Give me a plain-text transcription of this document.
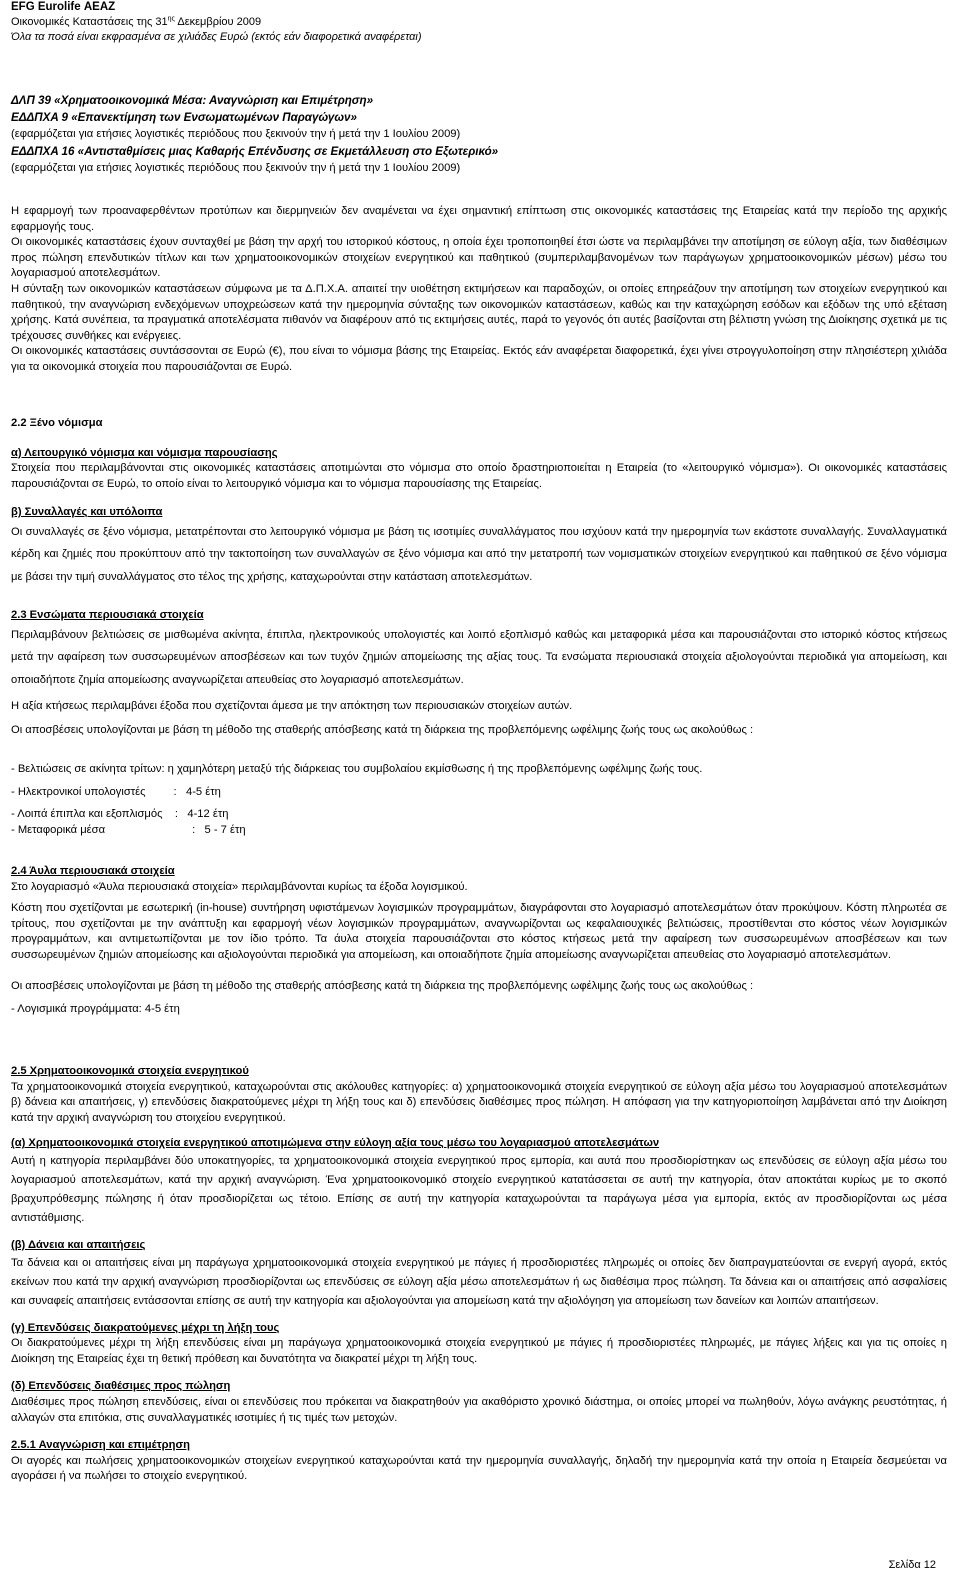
EFG Eurolife ΑΕΑΖ
Οικονομικές Καταστάσεις της $31^{\eta\varsigma}$ Δεκεμβρίου 2009
Όλα τα ποσά είναι εκφρασμένα σε χιλιάδες Ευρώ (εκτός εάν διαφορετικά αναφέρεται)
ΔΛΠ 39 «Χρηματοοικονομικά Μέσα: Αναγνώριση και Επιμέτρηση»
ΕΔΔΠΧΑ 9 «Επανεκτίμηση των Ενσωματωμένων Παραγώγων»
(εφαρμόζεται για ετήσιες λογιστικές περιόδους που ξεκινούν την ή μετά την 1 Ιουλίου 2009)
ΕΔΔΠΧΑ 16 «Αντισταθμίσεις μιας Καθαρής Επένδυσης σε Εκμετάλλευση στο Εξωτερικό»
(εφαρμόζεται για ετήσιες λογιστικές περιόδους που ξεκινούν την ή μετά την 1 Ιουλίου 2009)

Η εφαρμογή των προαναφερθέντων προτύπων και διερμηνειών δεν αναμένεται να έχει σημαντική επίπτωση στις οικονομικές καταστάσεις της Εταιρείας κατά την περίοδο της αρχικής εφαρμογής τους.

Οι οικονομικές καταστάσεις έχουν συνταχθεί με βάση την αρχή του ιστορικού κόστους, η οποία έχει τροποποιηθεί έτσι ώστε να περιλαμβάνει την αποτίμηση σε εύλογη αξία, των διαθέσιμων προς πώληση επενδυτικών τίτλων και των χρηματοοικονομικών στοιχείων ενεργητικού και παθητικού (συμπεριλαμβανομένων των παράγωγων χρηματοοικονομικών μέσων) μέσω του λογαριασμού αποτελεσμάτων.

Η σύνταξη των οικονομικών καταστάσεων σύμφωνα με τα Δ.Π.Χ.Α. απαιτεί την υιοθέτηση εκτιμήσεων και παραδοχών, οι οποίες επηρεάζουν την αποτίμηση των στοιχείων ενεργητικού και παθητικού, την αναγνώριση ενδεχόμενων υποχρεώσεων κατά την ημερομηνία σύνταξης των οικονομικών καταστάσεων, καθώς και την καταχώρηση εσόδων και εξόδων της υπό εξέταση χρήσης. Κατά συνέπεια, τα πραγματικά αποτελέσματα πιθανόν να διαφέρουν από τις εκτιμήσεις αυτές, παρά το γεγονός ότι αυτές βασίζονται στη βέλτιστη γνώση της Διοίκησης σχετικά με τις τρέχουσες συνθήκες και ενέργειες.

Οι οικονομικές καταστάσεις συντάσσονται σε Ευρώ (€), που είναι το νόμισμα βάσης της Εταιρείας. Εκτός εάν αναφέρεται διαφορετικά, έχει γίνει στρογγυλοποίηση στην πλησιέστερη χιλιάδα για τα οικονομικά στοιχεία που παρουσιάζονται σε Ευρώ.

2.2 Ξένο νόμισμα

α) Λειτουργικό νόμισμα και νόμισμα παρουσίασης

Στοιχεία που περιλαμβάνονται στις οικονομικές καταστάσεις αποτιμώνται στο νόμισμα στο οποίο δραστηριοποιείται η Εταιρεία (το «λειτουργικό νόμισμα»). Οι οικονομικές καταστάσεις παρουσιάζονται σε Ευρώ, το οποίο είναι το λειτουργικό νόμισμα και το νόμισμα παρουσίασης της Εταιρείας.

β) Συναλλαγές και υπόλοιπα

Οι συναλλαγές σε ξένο νόμισμα, μετατρέπονται στο λειτουργικό νόμισμα με βάση τις ισοτιμίες συναλλάγματος που ισχύουν κατά την ημερομηνία των εκάστοτε συναλλαγής. Συναλλαγματικά κέρδη και ζημιές που προκύπτουν από την τακτοποίηση των συναλλαγών σε ξένο νόμισμα και από την μετατροπή των νομισματικών στοιχείων ενεργητικού και παθητικού σε ξένο νόμισμα με βάσει την τιμή συναλλάγματος στο τέλος της χρήσης, καταχωρούνται στην κατάσταση αποτελεσμάτων.

2.3 Ενσώματα περιουσιακά στοιχεία

Περιλαμβάνουν βελτιώσεις σε μισθωμένα ακίνητα, έπιπλα, ηλεκτρονικούς υπολογιστές και λοιπό εξοπλισμό καθώς και μεταφορικά μέσα και παρουσιάζονται στο ιστορικό κόστος κτήσεως μετά την αφαίρεση των συσσωρευμένων αποσβέσεων και των τυχόν ζημιών απομείωσης της αξίας τους. Τα ενσώματα περιουσιακά στοιχεία αξιολογούνται περιοδικά για απομείωση, και οποιαδήποτε ζημία απομείωσης αναγνωρίζεται απευθείας στο λογαριασμό αποτελεσμάτων.

Η αξία κτήσεως περιλαμβάνει έξοδα που σχετίζονται άμεσα με την απόκτηση των περιουσιακών στοιχείων αυτών.

Οι αποσβέσεις υπολογίζονται με βάση τη μέθοδο της σταθερής απόσβεσης κατά τη διάρκεια της προβλεπόμενης ωφέλιμης ζωής τους ως ακολούθως :

- Βελτιώσεις σε ακίνητα τρίτων: η χαμηλότερη μεταξύ τής διάρκειας του συμβολαίου εκμίσθωσης ή της προβλεπόμενης ωφέλιμης ζωής τους.
- Ηλεκτρονικοί υπολογιστές         :   4-5 έτη
- Λοιπά έπιπλα και εξοπλισμός    :   4-12 έτη
- Μεταφορικά μέσα                            :   5 - 7 έτη

2.4 Άυλα περιουσιακά στοιχεία

Στο λογαριασμό «Άυλα περιουσιακά στοιχεία» περιλαμβάνονται κυρίως τα έξοδα λογισμικού.

Κόστη που σχετίζονται με εσωτερική (in-house) συντήρηση υφιστάμενων λογισμικών προγραμμάτων, διαγράφονται στο λογαριασμό αποτελεσμάτων όταν προκύψουν. Κόστη πληρωτέα σε τρίτους, που σχετίζονται με την ανάπτυξη και εφαρμογή νέων λογισμικών προγραμμάτων, αναγνωρίζονται ως κεφαλαιουχικές βελτιώσεις, προστίθενται στο κόστος νέων λογισμικών προγραμμάτων, και αντιμετωπίζονται με τον ίδιο τρόπο. Τα άυλα στοιχεία παρουσιάζονται στο κόστος κτήσεως μετά την αφαίρεση των συσσωρευμένων αποσβέσεων και των συσσωρευμένων ζημιών απομείωσης και αξιολογούνται περιοδικά για απομείωση, και οποιαδήποτε ζημία απομείωσης αναγνωρίζεται απευθείας στο λογαριασμό αποτελεσμάτων.

Οι αποσβέσεις υπολογίζονται με βάση τη μέθοδο της σταθερής απόσβεσης κατά τη διάρκεια της προβλεπόμενης ωφέλιμης ζωής τους ως ακολούθως :

- Λογισμικά προγράμματα: 4-5 έτη

2.5 Χρηματοοικονομικά στοιχεία ενεργητικού

Τα χρηματοοικονομικά στοιχεία ενεργητικού, καταχωρούνται στις ακόλουθες κατηγορίες: α) χρηματοοικονομικά στοιχεία ενεργητικού σε εύλογη αξία μέσω του λογαριασμού αποτελεσμάτων β) δάνεια και απαιτήσεις, γ) επενδύσεις διακρατούμενες μέχρι τη λήξη τους και δ) επενδύσεις διαθέσιμες προς πώληση. Η απόφαση για την κατηγοριοποίηση λαμβάνεται από την Διοίκηση κατά την αρχική αναγνώριση του στοιχείου ενεργητικού.

(α) Χρηματοοικονομικά στοιχεία ενεργητικού αποτιμώμενα στην εύλογη αξία τους μέσω του λογαριασμού αποτελεσμάτων

Αυτή η κατηγορία περιλαμβάνει δύο υποκατηγορίες, τα χρηματοοικονομικά στοιχεία ενεργητικού προς εμπορία, και αυτά που προσδιορίστηκαν ως επενδύσεις σε εύλογη αξία μέσω του λογαριασμού αποτελεσμάτων, κατά την αρχική αναγνώριση. Ένα χρηματοοικονομικό στοιχείο ενεργητικού κατατάσσεται σε αυτή την κατηγορία, όταν αποκτάται κυρίως με το σκοπό βραχυπρόθεσμης πώλησης ή όταν προσδιορίζεται ως τέτοιο. Επίσης σε αυτή την κατηγορία καταχωρούνται τα παράγωγα μέσα για εμπορία, εκτός αν προσδιορίζονται ως μέσα αντιστάθμισης.

(β) Δάνεια και απαιτήσεις

Τα δάνεια και οι απαιτήσεις είναι μη παράγωγα χρηματοοικονομικά στοιχεία ενεργητικού με πάγιες ή προσδιοριστέες πληρωμές οι οποίες δεν διαπραγματεύονται σε ενεργή αγορά, εκτός εκείνων που κατά την αρχική αναγνώριση προσδιορίζονται ως επενδύσεις σε εύλογη αξία μέσω αποτελεσμάτων ή ως διαθέσιμα προς πώληση. Τα δάνεια και οι απαιτήσεις από ασφαλίσεις και συναφείς απαιτήσεις εντάσσονται επίσης σε αυτή την κατηγορία και αξιολογούνται για απομείωση κατά την αξιολόγηση για απομείωση των δανείων και λοιπών απαιτήσεων.

(γ) Επενδύσεις διακρατούμενες μέχρι τη λήξη τους

Οι διακρατούμενες μέχρι τη λήξη επενδύσεις είναι μη παράγωγα χρηματοοικονομικά στοιχεία ενεργητικού με πάγιες ή προσδιοριστέες πληρωμές, με πάγιες λήξεις και για τις οποίες η Διοίκηση της Εταιρείας έχει τη θετική πρόθεση και δυνατότητα να διακρατεί μέχρι τη λήξη τους.

(δ) Επενδύσεις διαθέσιμες προς πώληση

Διαθέσιμες προς πώληση επενδύσεις, είναι οι επενδύσεις που πρόκειται να διακρατηθούν για ακαθόριστο χρονικό διάστημα, οι οποίες μπορεί να πωληθούν, λόγω ανάγκης ρευστότητας, ή αλλαγών στα επιτόκια, στις συναλλαγματικές ισοτιμίες ή τις τιμές των μετοχών.

2.5.1 Αναγνώριση και επιμέτρηση

Οι αγορές και πωλήσεις χρηματοοικονομικών στοιχείων ενεργητικού καταχωρούνται κατά την ημερομηνία συναλλαγής, δηλαδή την ημερομηνία κατά την οποία η Εταιρεία δεσμεύεται να αγοράσει ή να πωλήσει το στοιχείο ενεργητικού.

Σελίδα 12
